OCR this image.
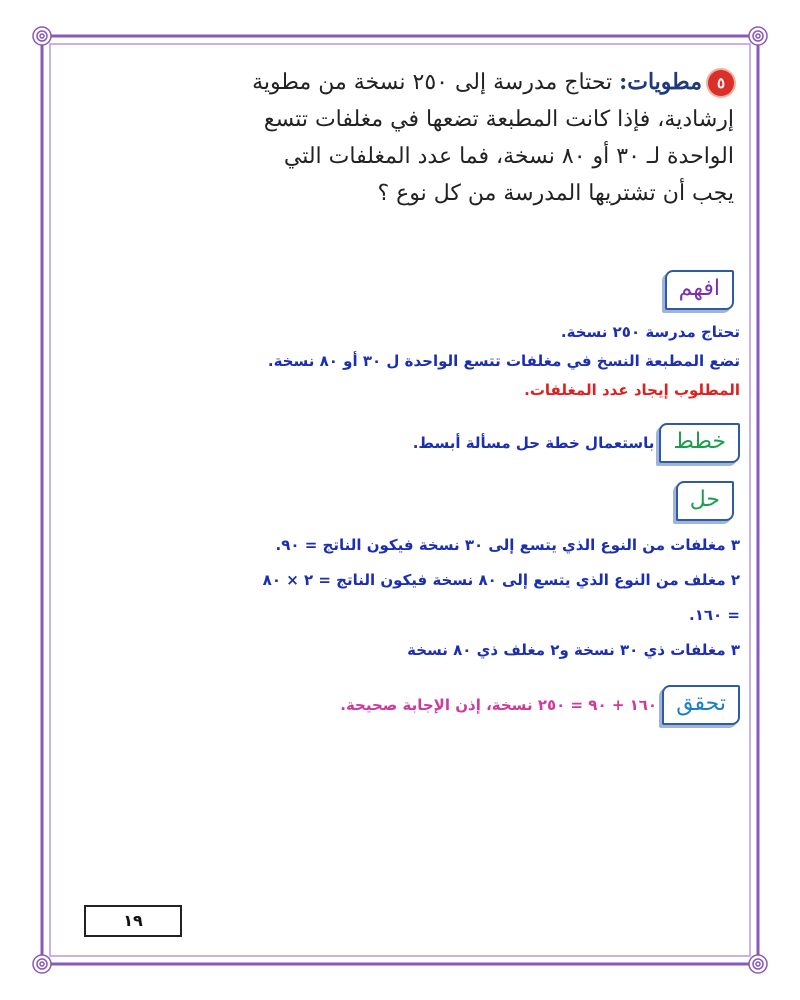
٥مطويات: تحتاج مدرسة إلى ٢٥٠ نسخة من مطوية
إرشادية، فإذا كانت المطبعة تضعها في مغلفات تتسع
الواحدة لـ ٣٠ أو ٨٠ نسخة، فما عدد المغلفات التي
يجب أن تشتريها المدرسة من كل نوع ؟
افهم
تحتاج مدرسة ٢٥٠ نسخة.
تضع المطبعة النسخ في مغلفات تتسع الواحدة ل ٣٠ أو ٨٠ نسخة.
المطلوب إيجاد عدد المغلفات.
خطط باستعمال خطة حل مسألة أبسط.
حل
٣ مغلفات من النوع الذي يتسع إلى ٣٠ نسخة فيكون الناتج = ٩٠.
٢ مغلف من النوع الذي يتسع إلى ٨٠ نسخة فيكون الناتج = ٢ × ٨٠
= ١٦٠.
٣ مغلفات ذي ٣٠ نسخة و٢ مغلف ذي ٨٠ نسخة
تحقق ١٦٠ + ٩٠ = ٢٥٠ نسخة، إذن الإجابة صحيحة.
١٩
